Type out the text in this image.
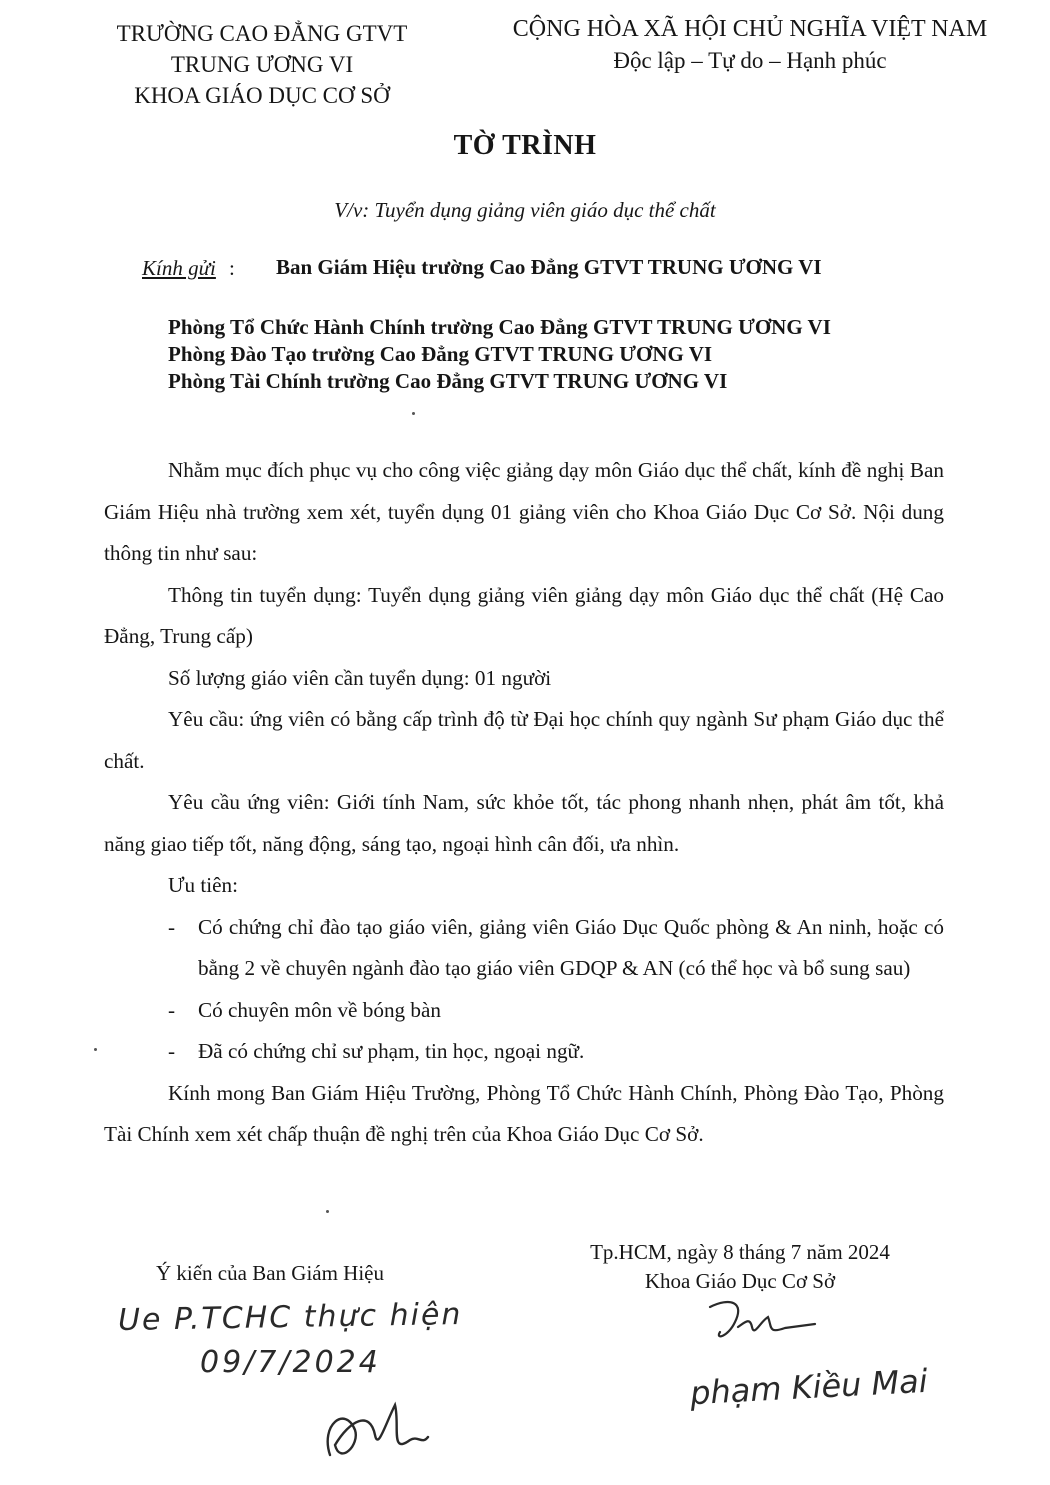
TRƯỜNG CAO ĐẲNG GTVT
TRUNG ƯƠNG VI
KHOA GIÁO DỤC CƠ SỞ
CỘNG HÒA XÃ HỘI CHỦ NGHĨA VIỆT NAM
Độc lập – Tự do – Hạnh phúc
TỜ TRÌNH
V/v: Tuyển dụng giảng viên giáo dục thể chất
Kính gửi : Ban Giám Hiệu trường Cao Đẳng GTVT TRUNG ƯƠNG VI
Phòng Tổ Chức Hành Chính trường Cao Đẳng GTVT TRUNG ƯƠNG VI
Phòng Đào Tạo trường Cao Đẳng GTVT TRUNG ƯƠNG VI
Phòng Tài Chính trường Cao Đẳng GTVT TRUNG ƯƠNG VI

Nhằm mục đích phục vụ cho công việc giảng dạy môn Giáo dục thể chất, kính đề nghị Ban Giám Hiệu nhà trường xem xét, tuyển dụng 01 giảng viên cho Khoa Giáo Dục Cơ Sở. Nội dung thông tin như sau:

Thông tin tuyển dụng: Tuyển dụng giảng viên giảng dạy môn Giáo dục thể chất (Hệ Cao Đẳng, Trung cấp)

Số lượng giáo viên cần tuyển dụng: 01 người

Yêu cầu: ứng viên có bằng cấp trình độ từ Đại học chính quy ngành Sư phạm Giáo dục thể chất.

Yêu cầu ứng viên: Giới tính Nam, sức khỏe tốt, tác phong nhanh nhẹn, phát âm tốt, khả năng giao tiếp tốt, năng động, sáng tạo, ngoại hình cân đối, ưa nhìn.

Ưu tiên:

- Có chứng chỉ đào tạo giáo viên, giảng viên Giáo Dục Quốc phòng & An ninh, hoặc có bằng 2 về chuyên ngành đào tạo giáo viên GDQP & AN (có thể học và bổ sung sau)
- Có chuyên môn về bóng bàn
- Đã có chứng chỉ sư phạm, tin học, ngoại ngữ.

Kính mong Ban Giám Hiệu Trường, Phòng Tổ Chức Hành Chính, Phòng Đào Tạo, Phòng Tài Chính xem xét chấp thuận đề nghị trên của Khoa Giáo Dục Cơ Sở.

Ý kiến của Ban Giám Hiệu
Ue P.TCHC thực hiện
09/7/2024
Tp.HCM, ngày 8 tháng 7 năm 2024
Khoa Giáo Dục Cơ Sở
phạm Kiều Mai
